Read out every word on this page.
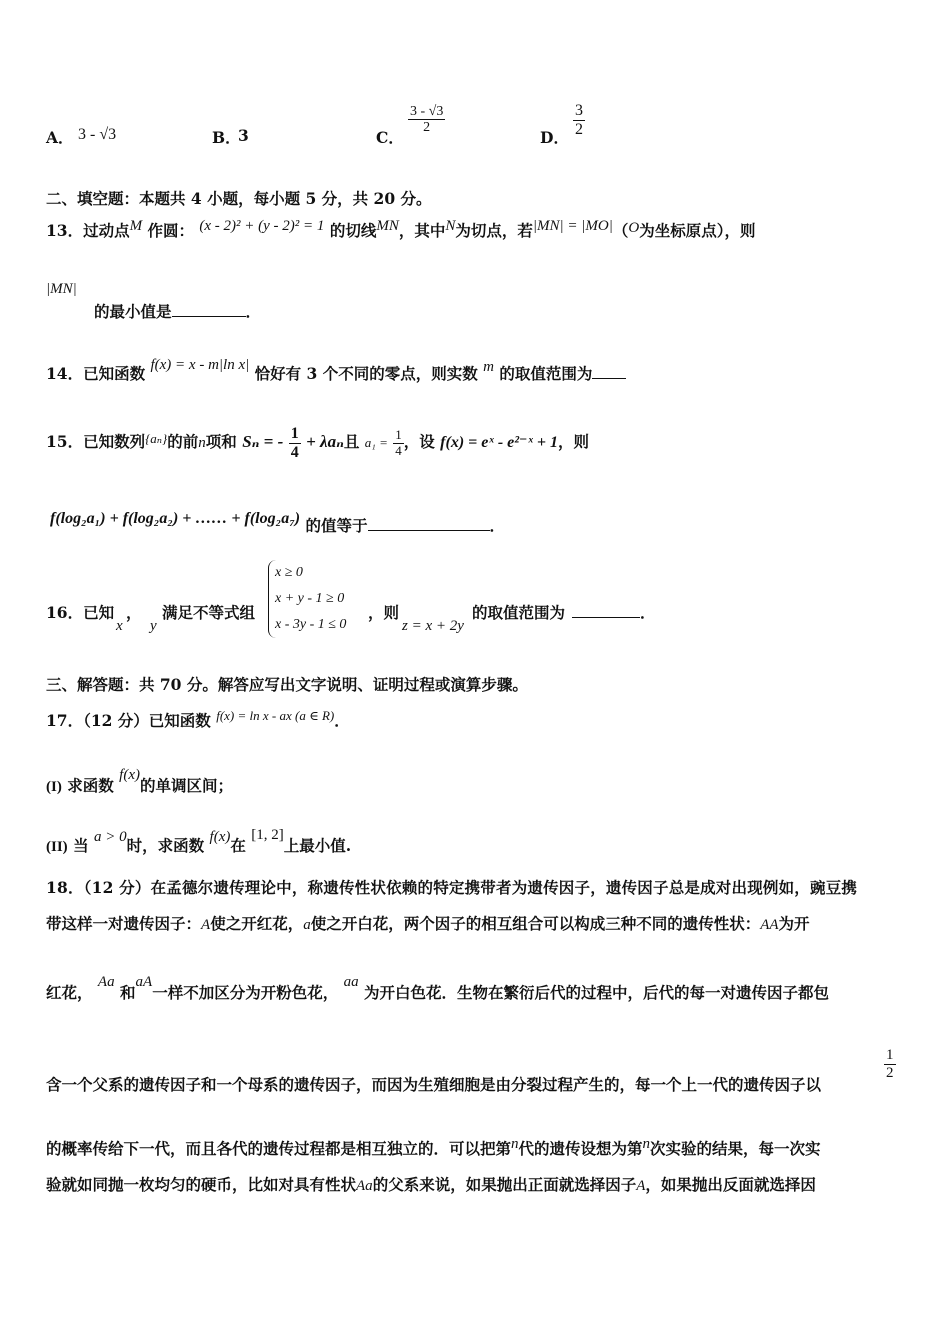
A． 3 - √3	B．
3	C．
$\frac{3 - √3}{2}$
D． $\frac{3}{2}$
二、填空题：本题共 4 小题，每小题 5 分，共 20 分。
13．过动点M 作圆： (x - 2)² + (y - 2)² = 1 的切线MN，其中N为切点，若|MN| = |MO|（O为坐标原点），则
|MN|
的最小值是	．
14．已知函数 f(x) = x - m|ln x| 恰好有 3 个不同的零点，则实数 m 的取值范围为
15．已知数列$^{\{a_n\}}$的前n项和 Sₙ = - $\frac{1}{4} + \lambda a_n$且 $a_1 = \frac{1}{4}$ ，设 f(x) = eˣ - e²⁻ˣ + 1，则
f(log₂a₁) + f(log₂a₂) + …… + f(log₂a₇) 的值等于	．
16．已知
x
，
y
满足不等式组
x ≥ 0
x + y - 1 ≥ 0
x - 3y - 1 ≤ 0
，则
z = x + 2y
的取值范围为	．
三、解答题：共 70 分。解答应写出文字说明、证明过程或演算步骤。
17．（12 分）已知函数 $^{f(x) = ln x - ax (a \in R)}$．
(I) 求函数 f(x)的单调区间；
(II) 当 a > 0时，求函数 f(x)在 [1, 2]上最小值.
18．（12 分）在孟德尔遗传理论中，称遗传性状依赖的特定携带者为遗传因子，遗传因子总是成对出现例如，豌豆携
带这样一对遗传因子：A使之开红花，a使之开白花，两个因子的相互组合可以构成三种不同的遗传性状：AA为开
红花， Aa 和aA一样不加区分为开粉色花， aa 为开白色花．生物在繁衍后代的过程中，后代的每一对遗传因子都包
含一个父系的遗传因子和一个母系的遗传因子，而因为生殖细胞是由分裂过程产生的，每一个上一代的遗传因子以
$\frac{1}{2}$
的概率传给下一代，而且各代的遗传过程都是相互独立的．可以把第n代的遗传设想为第n次实验的结果，每一次实
验就如同抛一枚均匀的硬币，比如对具有性状Aa的父系来说，如果抛出正面就选择因子A，如果抛出反面就选择因
